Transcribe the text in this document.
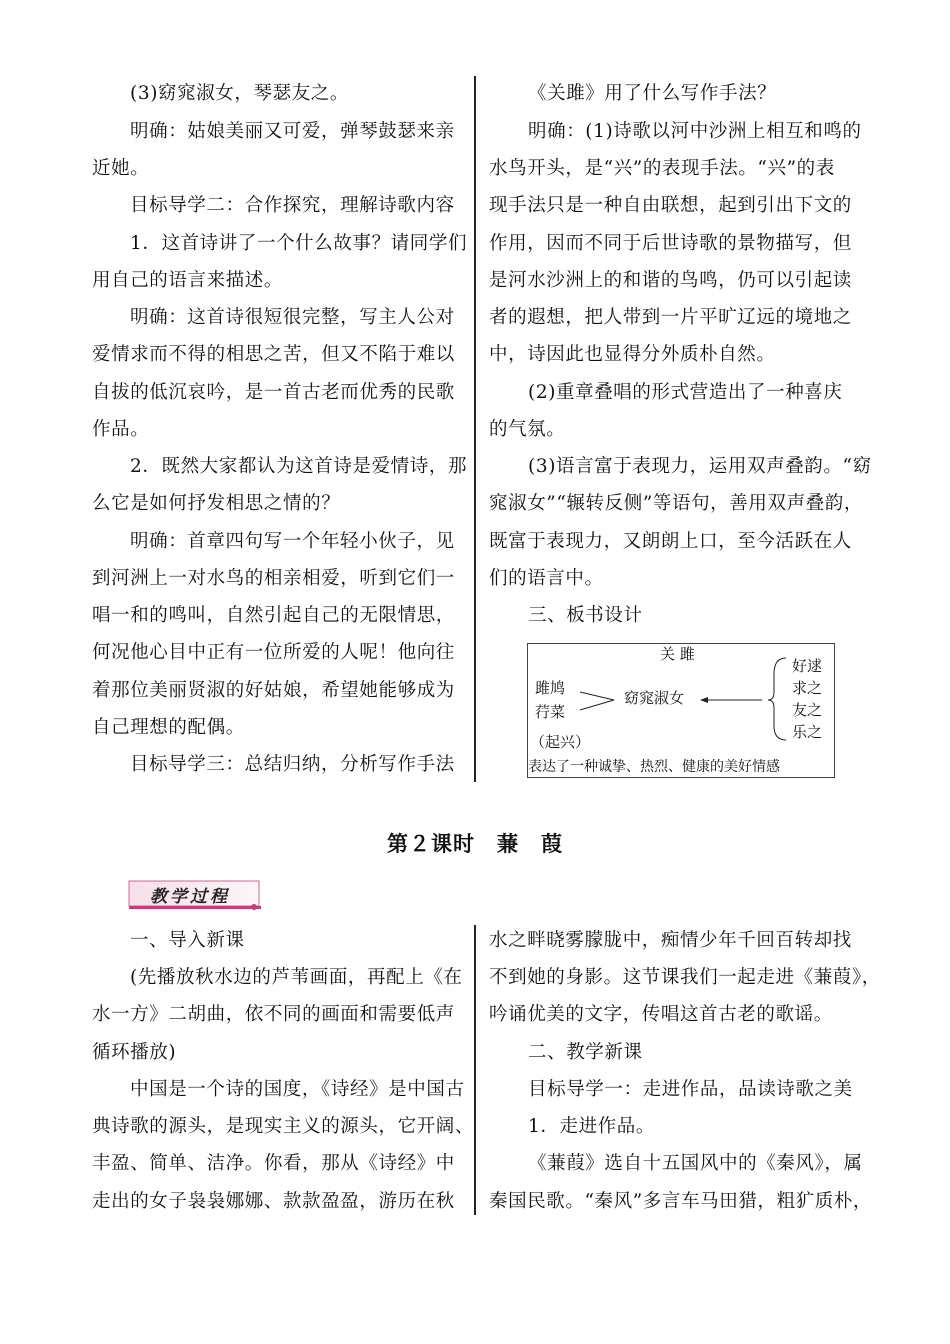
(3)窈窕淑女，琴瑟友之。
明确：姑娘美丽又可爱，弹琴鼓瑟来亲
近她。
目标导学二：合作探究，理解诗歌内容
1．这首诗讲了一个什么故事？请同学们
用自己的语言来描述。
明确：这首诗很短很完整，写主人公对
爱情求而不得的相思之苦，但又不陷于难以
自拔的低沉哀吟，是一首古老而优秀的民歌
作品。
2．既然大家都认为这首诗是爱情诗，那
么它是如何抒发相思之情的？
明确：首章四句写一个年轻小伙子，见
到河洲上一对水鸟的相亲相爱，听到它们一
唱一和的鸣叫，自然引起自己的无限情思，
何况他心目中正有一位所爱的人呢！他向往
着那位美丽贤淑的好姑娘，希望她能够成为
自己理想的配偶。
目标导学三：总结归纳，分析写作手法
《关雎》用了什么写作手法？
明确：(1)诗歌以河中沙洲上相互和鸣的
水鸟开头，是“兴”的表现手法。“兴”的表
现手法只是一种自由联想，起到引出下文的
作用，因而不同于后世诗歌的景物描写，但
是河水沙洲上的和谐的鸟鸣，仍可以引起读
者的遐想，把人带到一片平旷辽远的境地之
中，诗因此也显得分外质朴自然。
(2)重章叠唱的形式营造出了一种喜庆
的气氛。
(3)语言富于表现力，运用双声叠韵。“窈
窕淑女”“辗转反侧”等语句，善用双声叠韵，
既富于表现力，又朗朗上口，至今活跃在人
们的语言中。
三、板书设计
关 雎
雎鸠
荇菜
（起兴）
窈窕淑女
好逑
求之
友之
乐之
表达了一种诚挚、热烈、健康的美好情感
第２课时　蒹　葭
教学过程
一、导入新课
(先播放秋水边的芦苇画面，再配上《在
水一方》二胡曲，依不同的画面和需要低声
循环播放)
中国是一个诗的国度，《诗经》是中国古
典诗歌的源头，是现实主义的源头，它开阔、
丰盈、简单、洁净。你看，那从《诗经》中
走出的女子袅袅娜娜、款款盈盈，游历在秋
水之畔晓雾朦胧中，痴情少年千回百转却找
不到她的身影。这节课我们一起走进《蒹葭》，
吟诵优美的文字，传唱这首古老的歌谣。
二、教学新课
目标导学一：走进作品，品读诗歌之美
1．走进作品。
《蒹葭》选自十五国风中的《秦风》，属
秦国民歌。“秦风”多言车马田猎，粗犷质朴，
